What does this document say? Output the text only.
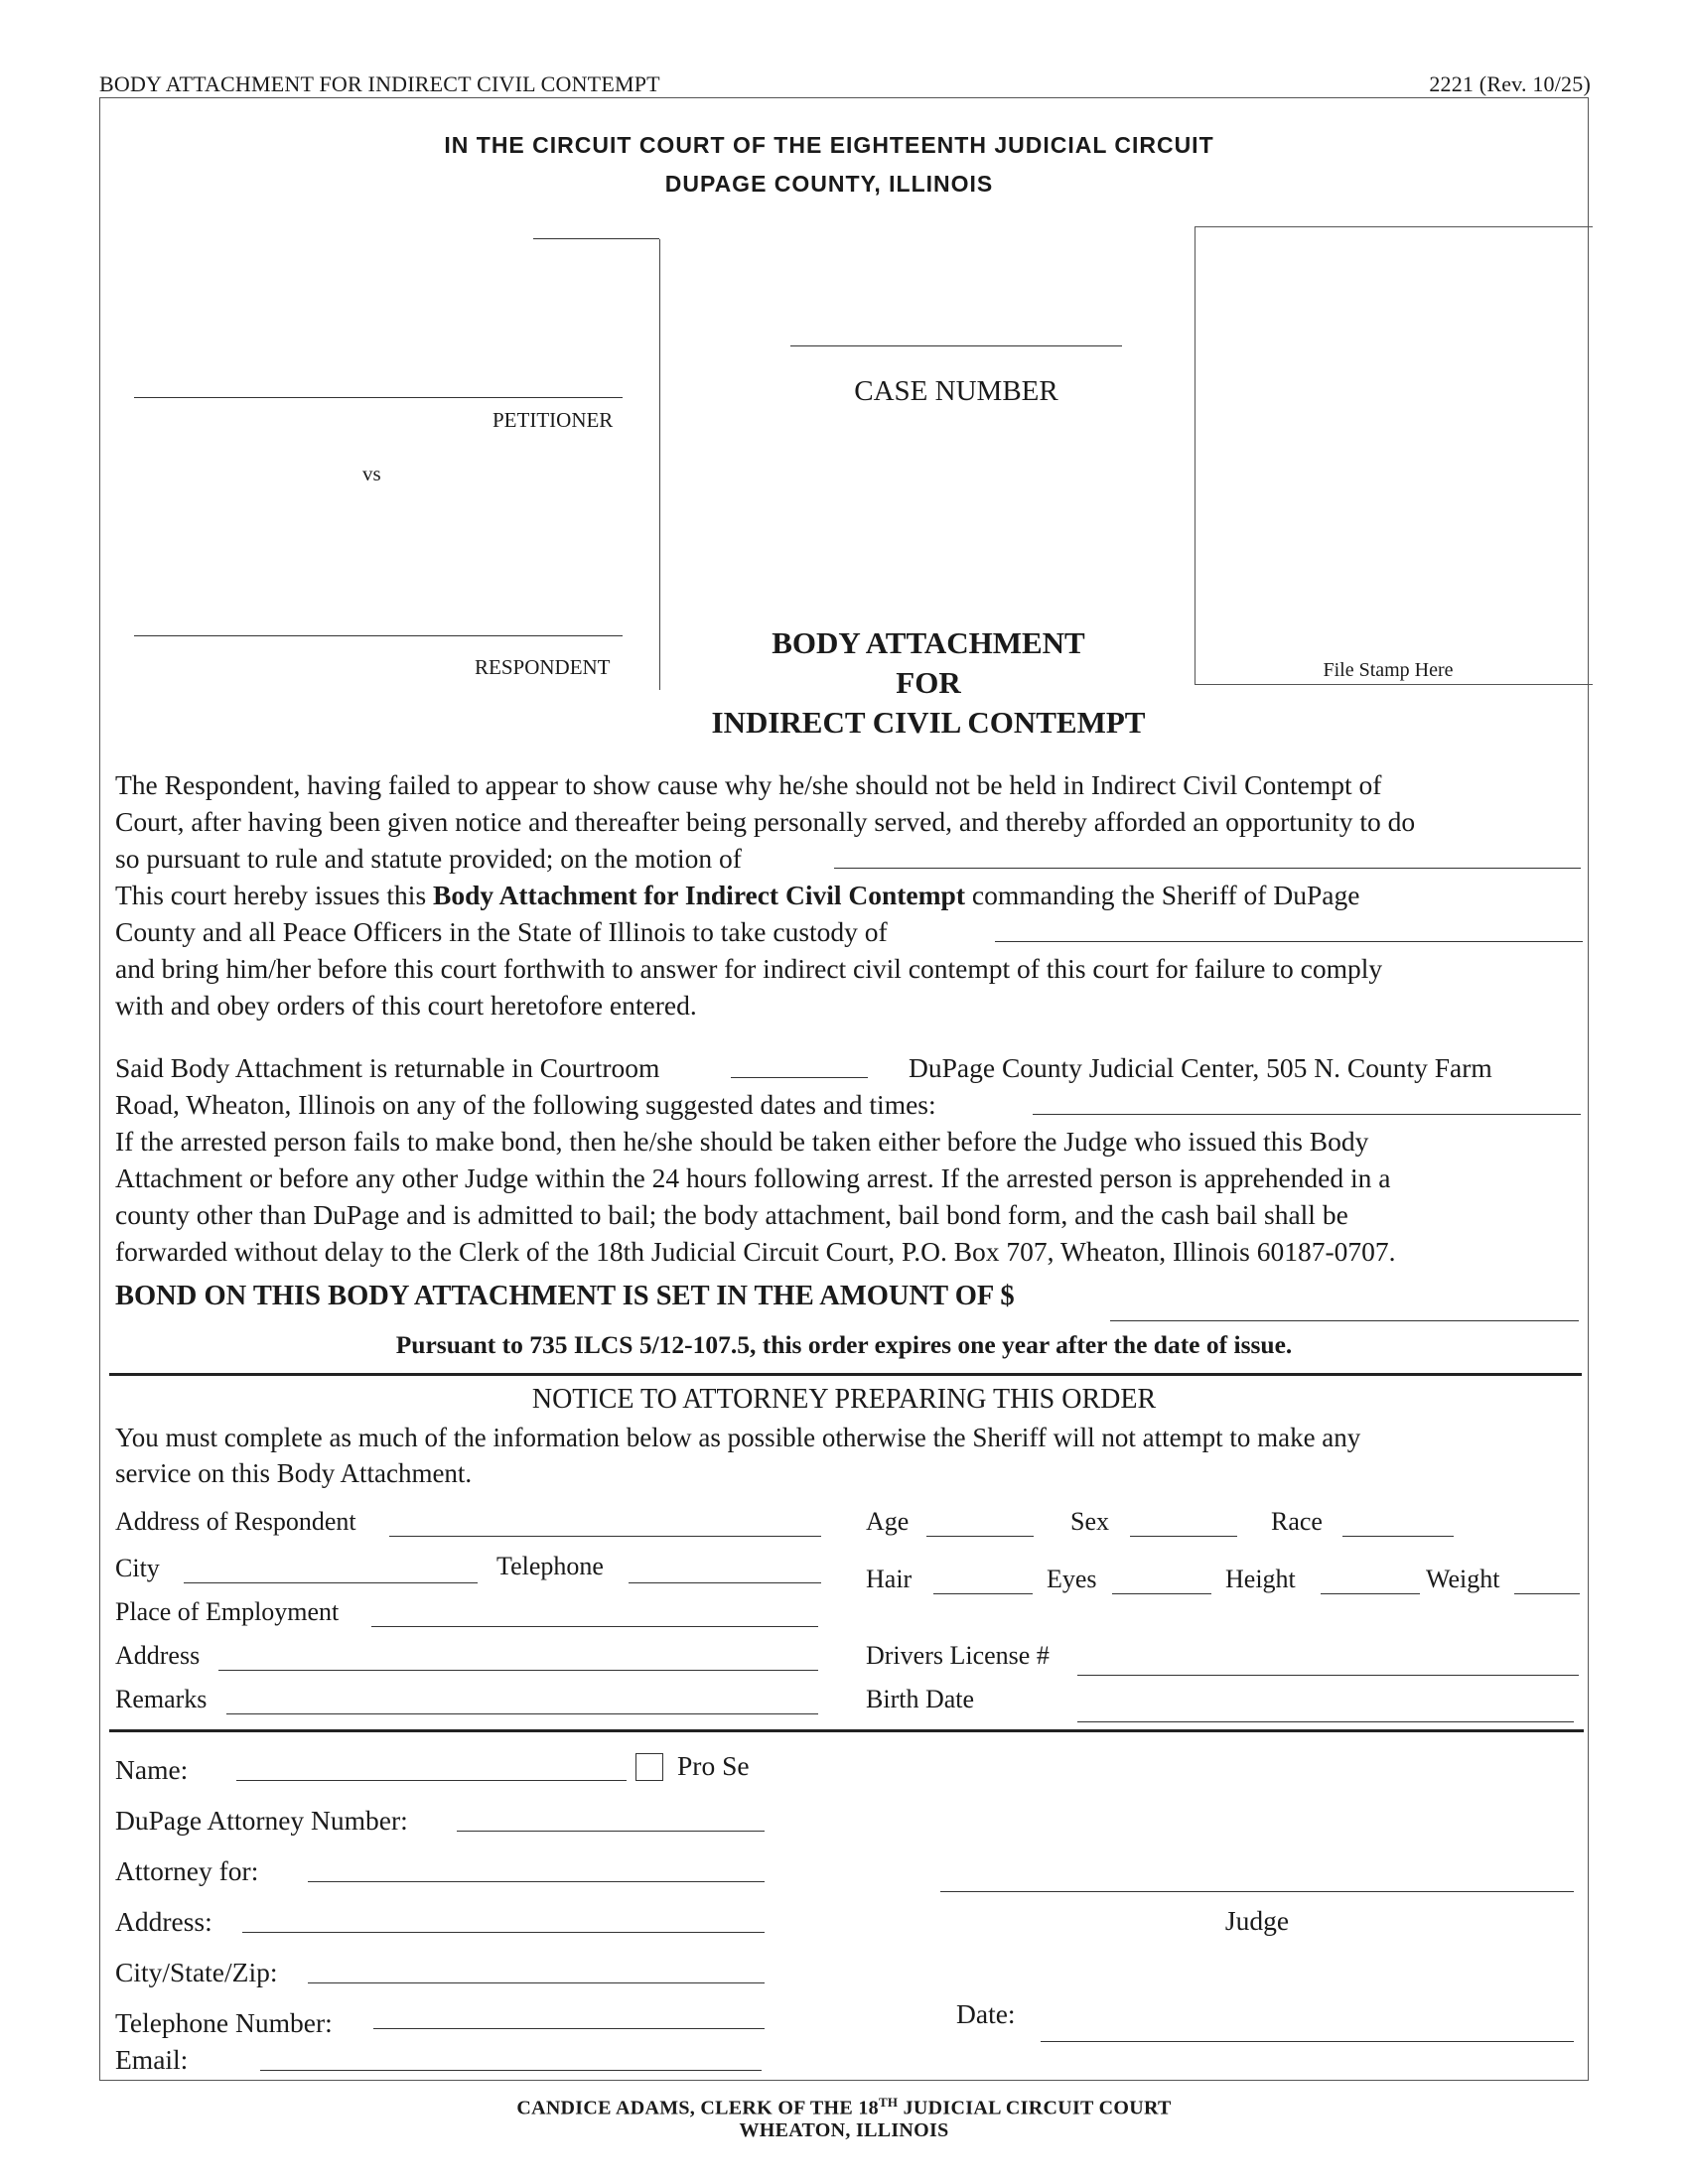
BODY ATTACHMENT FOR INDIRECT CIVIL CONTEMPT	2221 (Rev. 10/25)
IN THE CIRCUIT COURT OF THE EIGHTEENTH JUDICIAL CIRCUIT
DUPAGE COUNTY, ILLINOIS
PETITIONER
vs
RESPONDENT
CASE NUMBER
File Stamp Here
BODY ATTACHMENT
FOR
INDIRECT CIVIL CONTEMPT
The Respondent, having failed to appear to show cause why he/she should not be held in Indirect Civil Contempt of
Court, after having been given notice and thereafter being personally served, and thereby afforded an opportunity to do
so pursuant to rule and statute provided; on the motion of
This court hereby issues this Body Attachment for Indirect Civil Contempt commanding the Sheriff of DuPage
County and all Peace Officers in the State of Illinois to take custody of
and bring him/her before this court forthwith to answer for indirect civil contempt of this court for failure to comply
with and obey orders of this court heretofore entered.
Said Body Attachment is returnable in Courtroom	DuPage County Judicial Center, 505 N. County Farm
Road, Wheaton, Illinois on any of the following suggested dates and times:
If the arrested person fails to make bond, then he/she should be taken either before the Judge who issued this Body
Attachment or before any other Judge within the 24 hours following arrest. If the arrested person is apprehended in a
county other than DuPage and is admitted to bail; the body attachment, bail bond form, and the cash bail shall be
forwarded without delay to the Clerk of the 18th Judicial Circuit Court, P.O. Box 707, Wheaton, Illinois 60187-0707.
BOND ON THIS BODY ATTACHMENT IS SET IN THE AMOUNT OF $
Pursuant to 735 ILCS 5/12-107.5, this order expires one year after the date of issue.
NOTICE TO ATTORNEY PREPARING THIS ORDER
You must complete as much of the information below as possible otherwise the Sheriff will not attempt to make any
service on this Body Attachment.
Address of Respondent
City	Telephone
Place of Employment
Address
Remarks
Age	Sex	Race
Hair	Eyes	Height	Weight
Drivers License #
Birth Date
Name:	Pro Se
DuPage Attorney Number:
Attorney for:
Address:
City/State/Zip:
Telephone Number:
Email:
Judge
Date:
CANDICE ADAMS, CLERK OF THE 18TH JUDICIAL CIRCUIT COURT
WHEATON, ILLINOIS
